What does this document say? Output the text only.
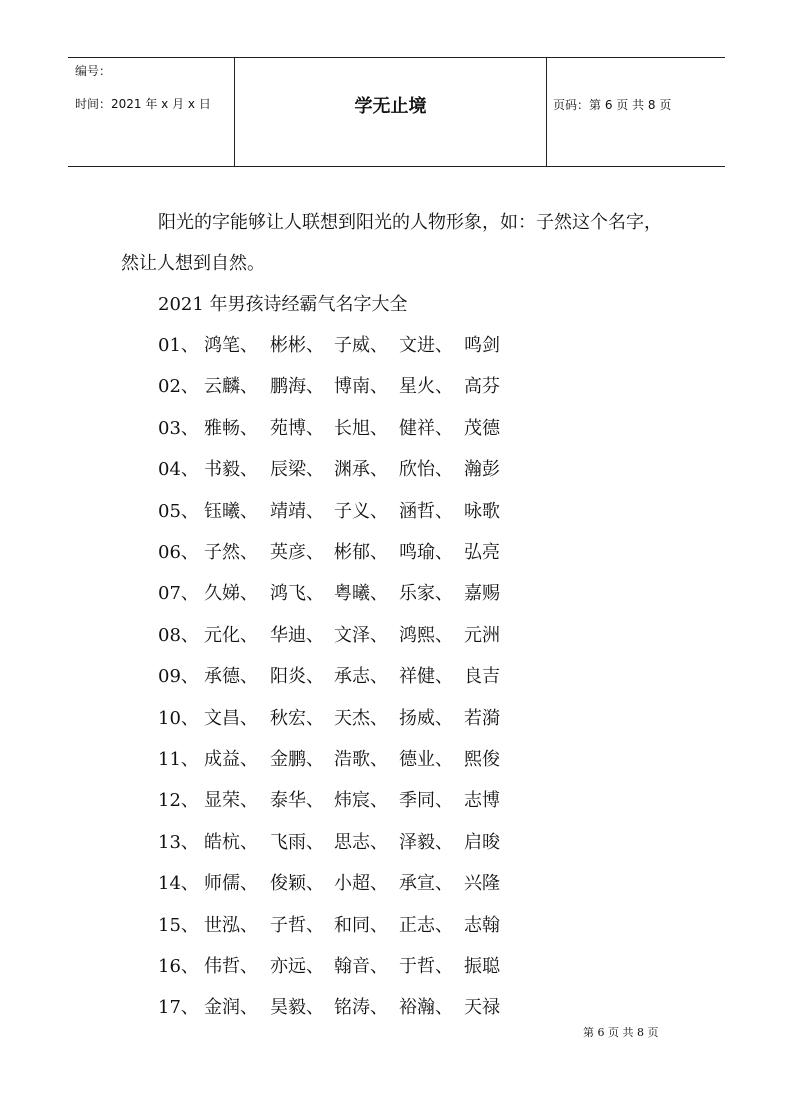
编号：
时间：2021 年 x 月 x 日	学无止境	页码：第 6 页 共 8 页
阳光的字能够让人联想到阳光的人物形象，如：子然这个名字，
然让人想到自然。
2021 年男孩诗经霸气名字大全
01、 鸿笔、 彬彬、 子威、 文进、 鸣剑
02、 云麟、 鹏海、 博南、 星火、 高芬
03、 雅畅、 苑博、 长旭、 健祥、 茂德
04、 书毅、 辰梁、 渊承、 欣怡、 瀚彭
05、 钰曦、 靖靖、 子义、 涵哲、 咏歌
06、 子然、 英彦、 彬郁、 鸣瑜、 弘亮
07、 久娣、 鸿飞、 粤曦、 乐家、 嘉赐
08、 元化、 华迪、 文泽、 鸿熙、 元洲
09、 承德、 阳炎、 承志、 祥健、 良吉
10、 文昌、 秋宏、 天杰、 扬威、 若漪
11、 成益、 金鹏、 浩歌、 德业、 熙俊
12、 显荣、 泰华、 炜宸、 季同、 志博
13、 皓杭、 飞雨、 思志、 泽毅、 启晙
14、 师儒、 俊颖、 小超、 承宣、 兴隆
15、 世泓、 子哲、 和同、 正志、 志翰
16、 伟哲、 亦远、 翰音、 于哲、 振聪
17、 金润、 昊毅、 铭涛、 裕瀚、 天禄
第 6 页 共 8 页
